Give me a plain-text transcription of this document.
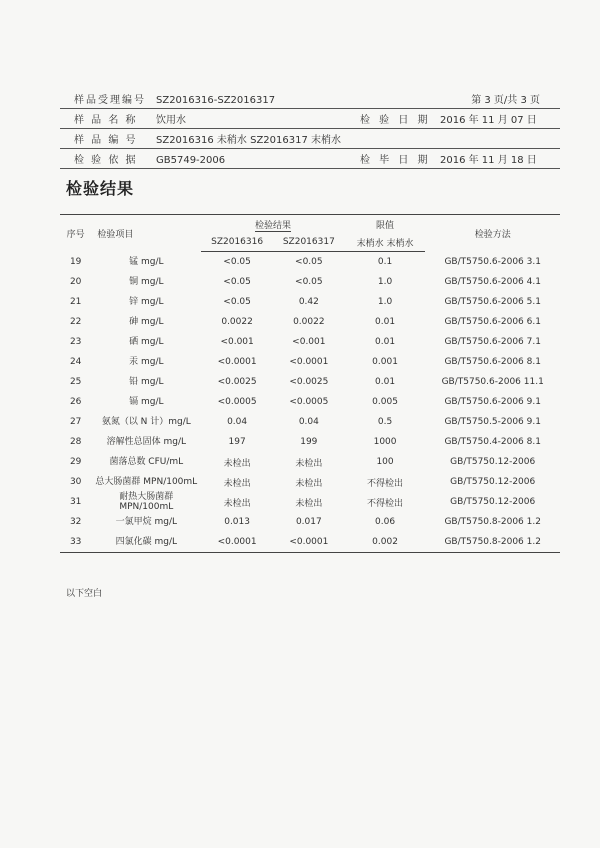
样品受理编号 SZ2016316-SZ2016317	第 3 页/共 3 页
样 品 名 称 饮用水	检 验 日 期 2016 年 11 月 07 日
样 品 编 号 SZ2016316 未稍水 SZ2016317 末梢水
检 验 依 据 GB5749-2006	检 毕 日 期 2016 年 11 月 18 日
检验结果
序号	检验项目	检验结果		限值	检验方法
		SZ2016316	SZ2016317	末梢水 末梢水	
19	锰 mg/L	<0.05	<0.05	0.1	GB/T5750.6-2006 3.1
20	铜 mg/L	<0.05	<0.05	1.0	GB/T5750.6-2006 4.1
21	锌 mg/L	<0.05	0.42	1.0	GB/T5750.6-2006 5.1
22	砷 mg/L	0.0022	0.0022	0.01	GB/T5750.6-2006 6.1
23	硒 mg/L	<0.001	<0.001	0.01	GB/T5750.6-2006 7.1
24	汞 mg/L	<0.0001	<0.0001	0.001	GB/T5750.6-2006 8.1
25	铅 mg/L	<0.0025	<0.0025	0.01	GB/T5750.6-2006 11.1
26	镉 mg/L	<0.0005	<0.0005	0.005	GB/T5750.6-2006 9.1
27	氨氮（以 N 计）mg/L	0.04	0.04	0.5	GB/T5750.5-2006 9.1
28	溶解性总固体 mg/L	197	199	1000	GB/T5750.4-2006 8.1
29	菌落总数 CFU/mL	未检出	未检出	100	GB/T5750.12-2006
30	总大肠菌群 MPN/100mL	未检出	未检出	不得检出	GB/T5750.12-2006
31	耐热大肠菌群 MPN/100mL	未检出	未检出	不得检出	GB/T5750.12-2006
32	一氯甲烷 mg/L	0.013	0.017	0.06	GB/T5750.8-2006 1.2
33	四氯化碳 mg/L	<0.0001	<0.0001	0.002	GB/T5750.8-2006 1.2
以下空白
